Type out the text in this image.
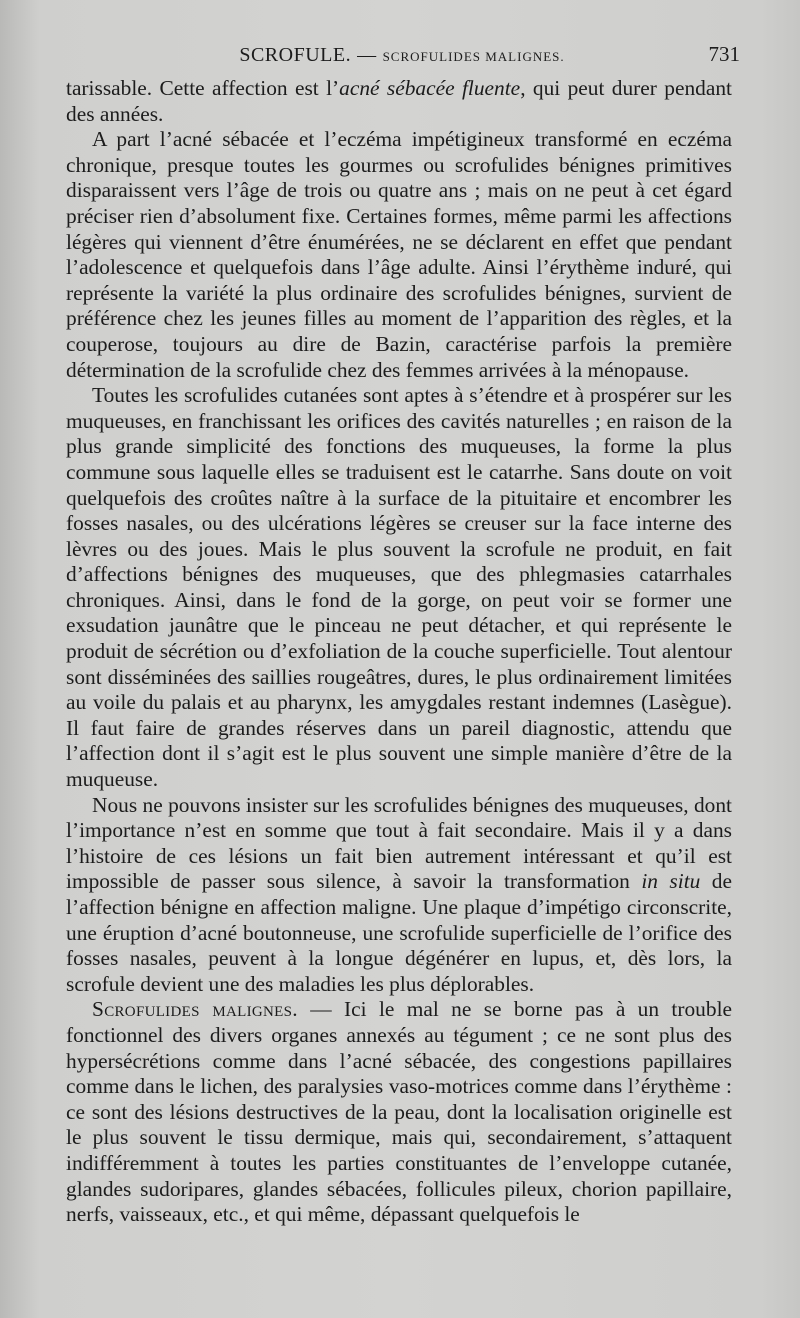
SCROFULE. — SCROFULIDES MALIGNES.	731

tarissable. Cette affection est l’acné sébacée fluente, qui peut durer pendant des années.

A part l’acné sébacée et l’eczéma impétigineux transformé en eczéma chronique, presque toutes les gourmes ou scrofulides bénignes primitives disparaissent vers l’âge de trois ou quatre ans ; mais on ne peut à cet égard préciser rien d’absolument fixe. Certaines formes, même parmi les affections légères qui viennent d’être énumérées, ne se déclarent en effet que pendant l’adolescence et quelquefois dans l’âge adulte. Ainsi l’érythème induré, qui représente la variété la plus ordinaire des scrofulides bénignes, survient de préférence chez les jeunes filles au moment de l’apparition des règles, et la couperose, toujours au dire de Bazin, caractérise parfois la première détermination de la scrofulide chez des femmes arrivées à la ménopause.

Toutes les scrofulides cutanées sont aptes à s’étendre et à prospérer sur les muqueuses, en franchissant les orifices des cavités naturelles ; en raison de la plus grande simplicité des fonctions des muqueuses, la forme la plus commune sous laquelle elles se traduisent est le catarrhe. Sans doute on voit quelquefois des croûtes naître à la surface de la pituitaire et encombrer les fosses nasales, ou des ulcérations légères se creuser sur la face interne des lèvres ou des joues. Mais le plus souvent la scrofule ne produit, en fait d’affections bénignes des muqueuses, que des phlegmasies catarrhales chroniques. Ainsi, dans le fond de la gorge, on peut voir se former une exsudation jaunâtre que le pinceau ne peut détacher, et qui représente le produit de sécrétion ou d’exfoliation de la couche superficielle. Tout alentour sont disséminées des saillies rougeâtres, dures, le plus ordinairement limitées au voile du palais et au pharynx, les amygdales restant indemnes (Lasègue). Il faut faire de grandes réserves dans un pareil diagnostic, attendu que l’affection dont il s’agit est le plus souvent une simple manière d’être de la muqueuse.

Nous ne pouvons insister sur les scrofulides bénignes des muqueuses, dont l’importance n’est en somme que tout à fait secondaire. Mais il y a dans l’histoire de ces lésions un fait bien autrement intéressant et qu’il est impossible de passer sous silence, à savoir la transformation in situ de l’affection bénigne en affection maligne. Une plaque d’impétigo circonscrite, une éruption d’acné boutonneuse, une scrofulide superficielle de l’orifice des fosses nasales, peuvent à la longue dégénérer en lupus, et, dès lors, la scrofule devient une des maladies les plus déplorables.

Scrofulides malignes. — Ici le mal ne se borne pas à un trouble fonctionnel des divers organes annexés au tégument ; ce ne sont plus des hypersécrétions comme dans l’acné sébacée, des congestions papillaires comme dans le lichen, des paralysies vaso-motrices comme dans l’érythème : ce sont des lésions destructives de la peau, dont la localisation originelle est le plus souvent le tissu dermique, mais qui, secondairement, s’attaquent indifféremment à toutes les parties constituantes de l’enveloppe cutanée, glandes sudoripares, glandes sébacées, follicules pileux, chorion papillaire, nerfs, vaisseaux, etc., et qui même, dépassant quelquefois le
